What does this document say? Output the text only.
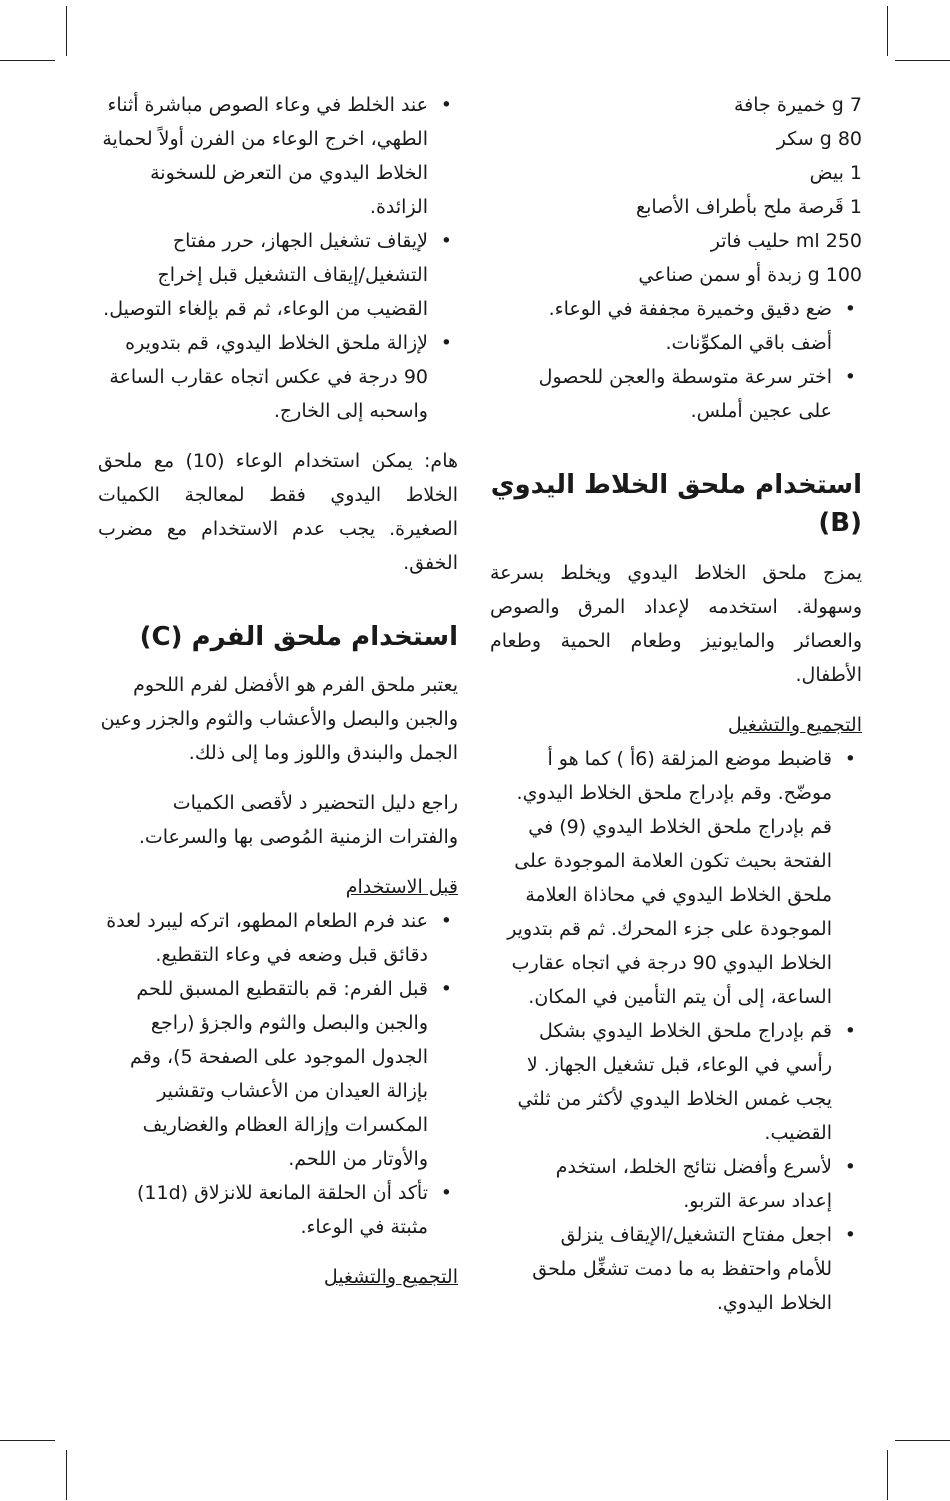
7 g خميرة جافة

80 g سكر

1 بيض

1 قَرصة ملح بأطراف الأصابع

250 ml حليب فاتر

100 g زبدة أو سمن صناعي

• ضع دقيق وخميرة مجففة في الوعاء. أضف باقي المكوِّنات.
• اختر سرعة متوسطة والعجن للحصول على عجين أملس.
استخدام ملحق الخلاط اليدوي (B)

يمزج ملحق الخلاط اليدوي ويخلط بسرعة وسهولة. استخدمه لإعداد المرق والصوص والعصائر والمايونيز وطعام الحمية وطعام الأطفال.

التجميع والتشغيل

• قاضبط موضع المزلقة (6أ ) كما هو أ موضّح. وقم بإدراج ملحق الخلاط اليدوي. قم بإدراج ملحق الخلاط اليدوي (9) في الفتحة بحيث تكون العلامة الموجودة على ملحق الخلاط اليدوي في محاذاة العلامة الموجودة على جزء المحرك. ثم قم بتدوير الخلاط اليدوي 90 درجة في اتجاه عقارب الساعة، إلى أن يتم التأمين في المكان.
• قم بإدراج ملحق الخلاط اليدوي بشكل رأسي في الوعاء، قبل تشغيل الجهاز. لا يجب غمس الخلاط اليدوي لأكثر من ثلثي القضيب.
• لأسرع وأفضل نتائج الخلط، استخدم إعداد سرعة التربو.
• اجعل مفتاح التشغيل/الإيقاف ينزلق للأمام واحتفظ به ما دمت تشغِّل ملحق الخلاط اليدوي.
• عند الخلط في وعاء الصوص مباشرة أثناء الطهي، اخرج الوعاء من الفرن أولاً لحماية الخلاط اليدوي من التعرض للسخونة الزائدة.
• لإيقاف تشغيل الجهاز، حرر مفتاح التشغيل/إيقاف التشغيل قبل إخراج القضيب من الوعاء، ثم قم بإلغاء التوصيل.
• لإزالة ملحق الخلاط اليدوي، قم بتدويره 90 درجة في عكس اتجاه عقارب الساعة واسحبه إلى الخارج.

هام: يمكن استخدام الوعاء (10) مع ملحق الخلاط اليدوي فقط لمعالجة الكميات الصغيرة. يجب عدم الاستخدام مع مضرب الخفق.

استخدام ملحق الفرم (C)

يعتبر ملحق الفرم هو الأفضل لفرم اللحوم والجبن والبصل والأعشاب والثوم والجزر وعين الجمل والبندق واللوز وما إلى ذلك.

راجع دليل التحضير د لأقصى الكميات والفترات الزمنية المُوصى بها والسرعات.

قبل الاستخدام

• عند فرم الطعام المطهو، اتركه ليبرد لعدة دقائق قبل وضعه في وعاء التقطيع.
• قبل الفرم: قم بالتقطيع المسبق للحم والجبن والبصل والثوم والجزؤ (راجع الجدول الموجود على الصفحة 5)، وقم بإزالة العيدان من الأعشاب وتقشير المكسرات وإزالة العظام والغضاريف والأوتار من اللحم.
• تأكد أن الحلقة المانعة للانزلاق (11d) مثبتة في الوعاء.

التجميع والتشغيل
